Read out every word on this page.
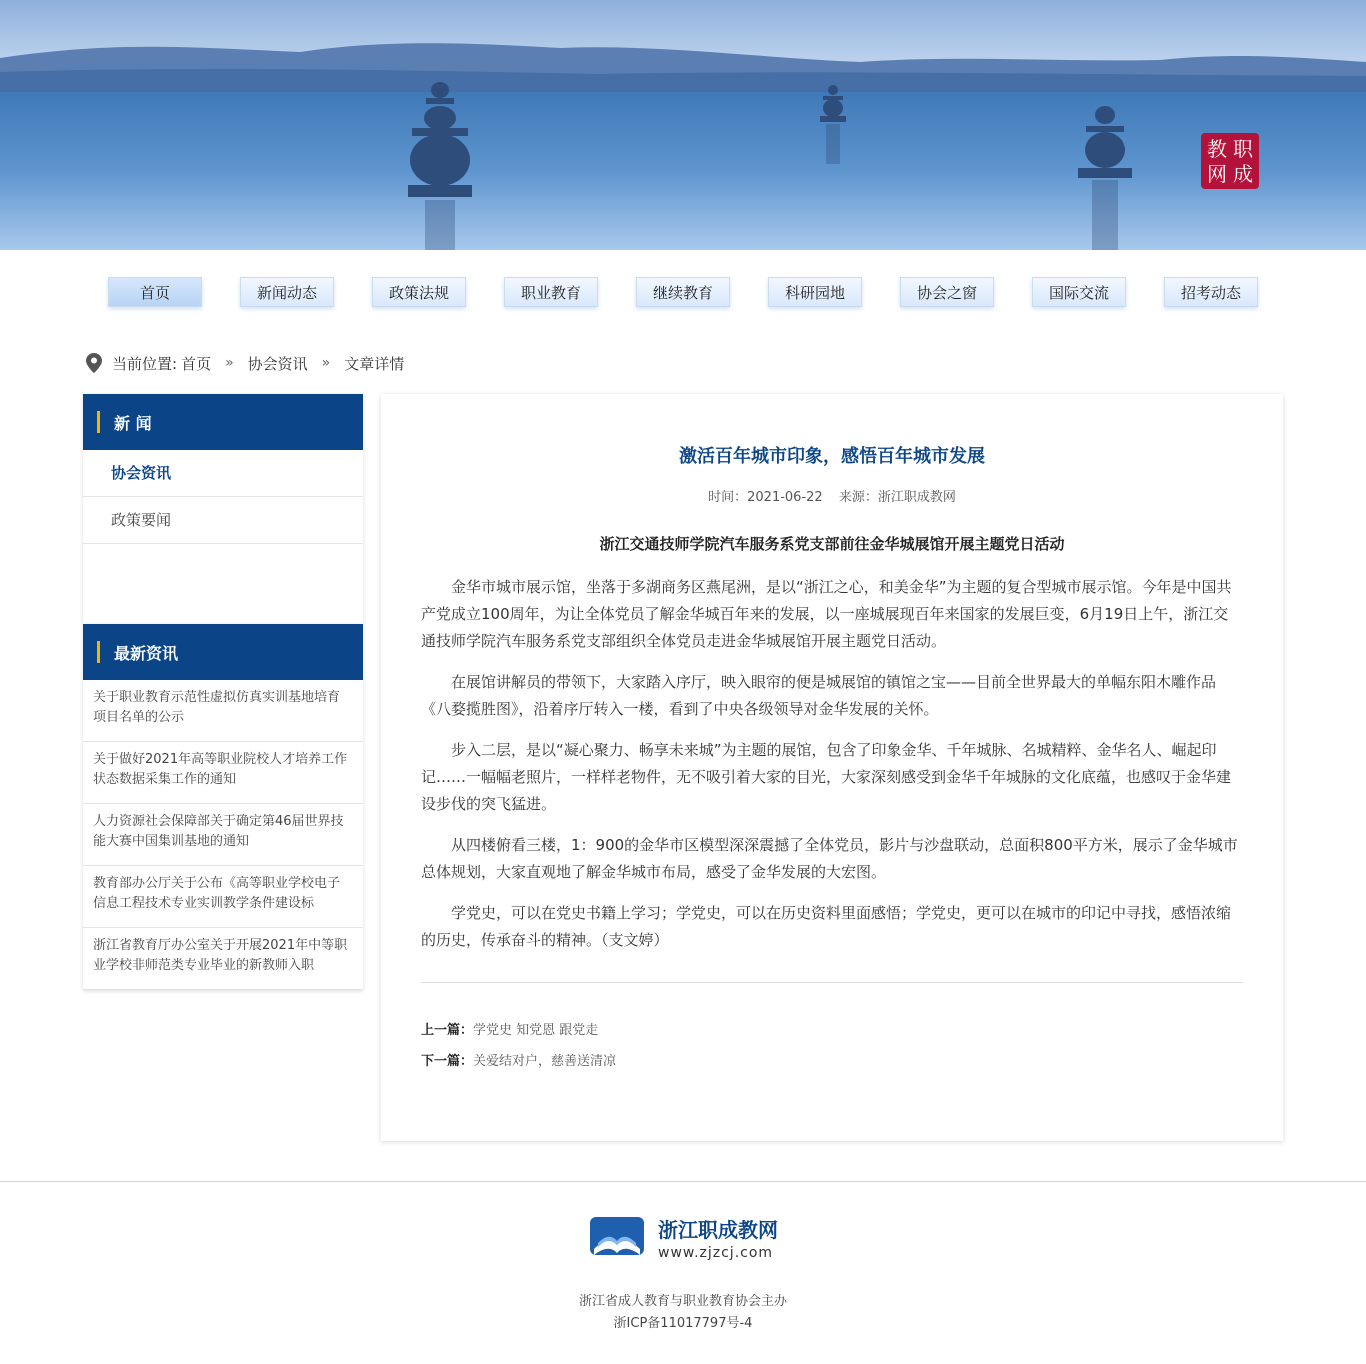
教 职
网 成
首页	新闻动态	政策法规	职业教育	继续教育	科研园地	协会之窗	国际交流	招考动态
当前位置: 首页 » 协会资讯 » 文章详情
新 闻
协会资讯
政策要闻
最新资讯
关于职业教育示范性虚拟仿真实训基地培育项目名单的公示
关于做好2021年高等职业院校人才培养工作状态数据采集工作的通知
人力资源社会保障部关于确定第46届世界技能大赛中国集训基地的通知
教育部办公厅关于公布《高等职业学校电子信息工程技术专业实训教学条件建设标
浙江省教育厅办公室关于开展2021年中等职业学校非师范类专业毕业的新教师入职
激活百年城市印象，感悟百年城市发展
时间：2021-06-22 来源：浙江职成教网
浙江交通技师学院汽车服务系党支部前往金华城展馆开展主题党日活动

金华市城市展示馆，坐落于多湖商务区燕尾洲，是以“浙江之心，和美金华”为主题的复合型城市展示馆。今年是中国共产党成立100周年，为让全体党员了解金华城百年来的发展，以一座城展现百年来国家的发展巨变，6月19日上午，浙江交通技师学院汽车服务系党支部组织全体党员走进金华城展馆开展主题党日活动。

在展馆讲解员的带领下，大家踏入序厅，映入眼帘的便是城展馆的镇馆之宝——目前全世界最大的单幅东阳木雕作品《八婺揽胜图》，沿着序厅转入一楼，看到了中央各级领导对金华发展的关怀。

步入二层，是以“凝心聚力、畅享未来城”为主题的展馆，包含了印象金华、千年城脉、名城精粹、金华名人、崛起印记……一幅幅老照片，一样样老物件，无不吸引着大家的目光，大家深刻感受到金华千年城脉的文化底蕴，也感叹于金华建设步伐的突飞猛进。

从四楼俯看三楼，1：900的金华市区模型深深震撼了全体党员，影片与沙盘联动，总面积800平方米，展示了金华城市总体规划，大家直观地了解金华城市布局，感受了金华发展的大宏图。

学党史，可以在党史书籍上学习；学党史，可以在历史资料里面感悟；学党史，更可以在城市的印记中寻找，感悟浓缩的历史，传承奋斗的精神。（支文婷）

上一篇：学党史 知党恩 跟党走
下一篇：关爱结对户，慈善送清凉
浙江职成教网
www.zjzcj.com
浙江省成人教育与职业教育协会主办
浙ICP备11017797号-4
